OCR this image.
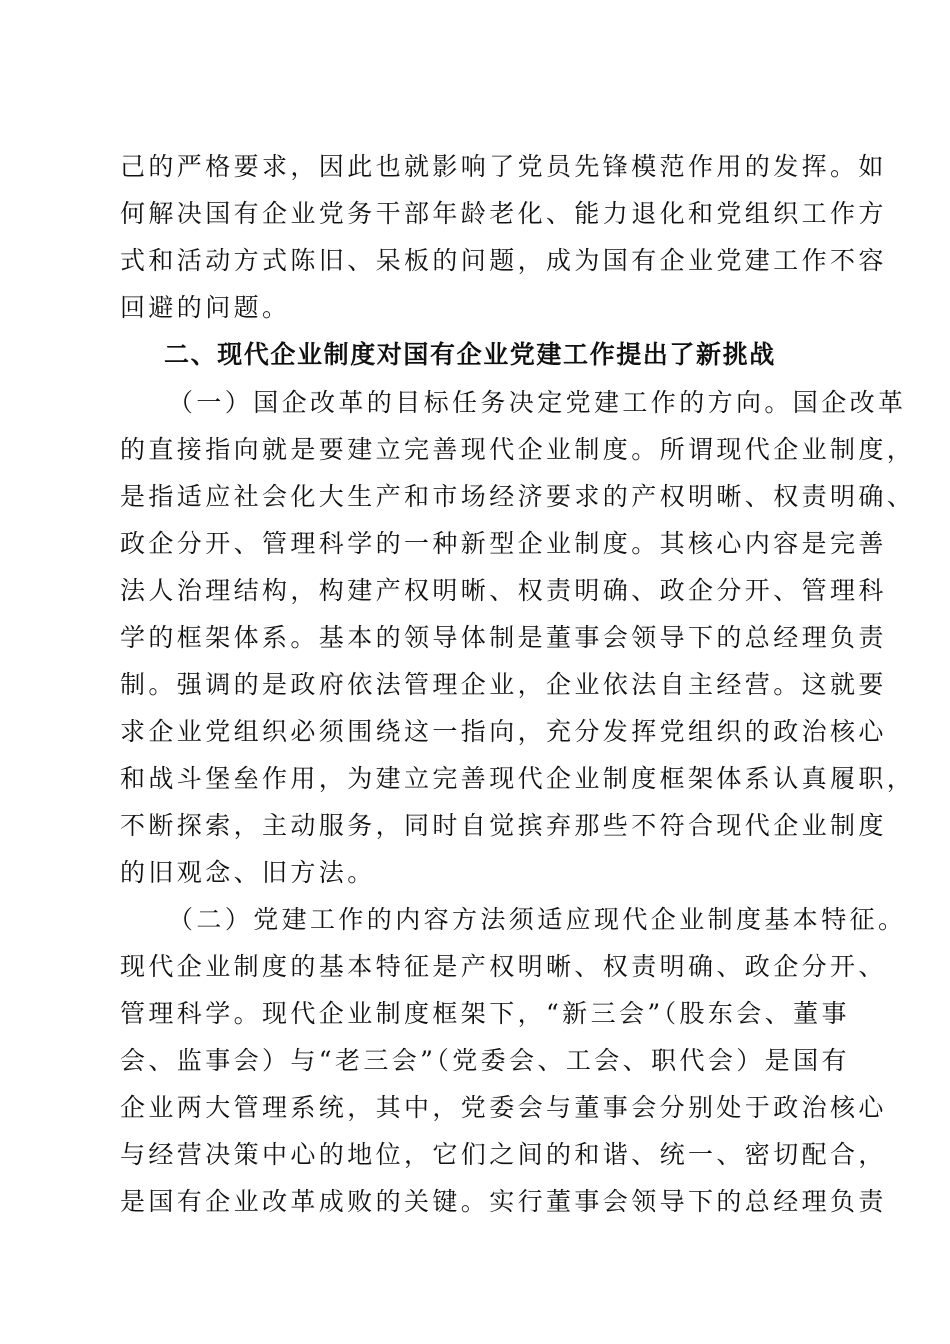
己的严格要求，因此也就影响了党员先锋模范作用的发挥。如
何解决国有企业党务干部年龄老化、能力退化和党组织工作方
式和活动方式陈旧、呆板的问题，成为国有企业党建工作不容
回避的问题。
二、现代企业制度对国有企业党建工作提出了新挑战
（一）国企改革的目标任务决定党建工作的方向。国企改革
的直接指向就是要建立完善现代企业制度。所谓现代企业制度，
是指适应社会化大生产和市场经济要求的产权明晰、权责明确、
政企分开、管理科学的一种新型企业制度。其核心内容是完善
法人治理结构，构建产权明晰、权责明确、政企分开、管理科
学的框架体系。基本的领导体制是董事会领导下的总经理负责
制。强调的是政府依法管理企业，企业依法自主经营。这就要
求企业党组织必须围绕这一指向，充分发挥党组织的政治核心
和战斗堡垒作用，为建立完善现代企业制度框架体系认真履职，
不断探索，主动服务，同时自觉摈弃那些不符合现代企业制度
的旧观念、旧方法。
（二）党建工作的内容方法须适应现代企业制度基本特征。
现代企业制度的基本特征是产权明晰、权责明确、政企分开、
管理科学。现代企业制度框架下，“新三会”（股东会、董事
会、监事会）与“老三会”（党委会、工会、职代会）是国有
企业两大管理系统，其中，党委会与董事会分别处于政治核心
与经营决策中心的地位，它们之间的和谐、统一、密切配合，
是国有企业改革成败的关键。实行董事会领导下的总经理负责
